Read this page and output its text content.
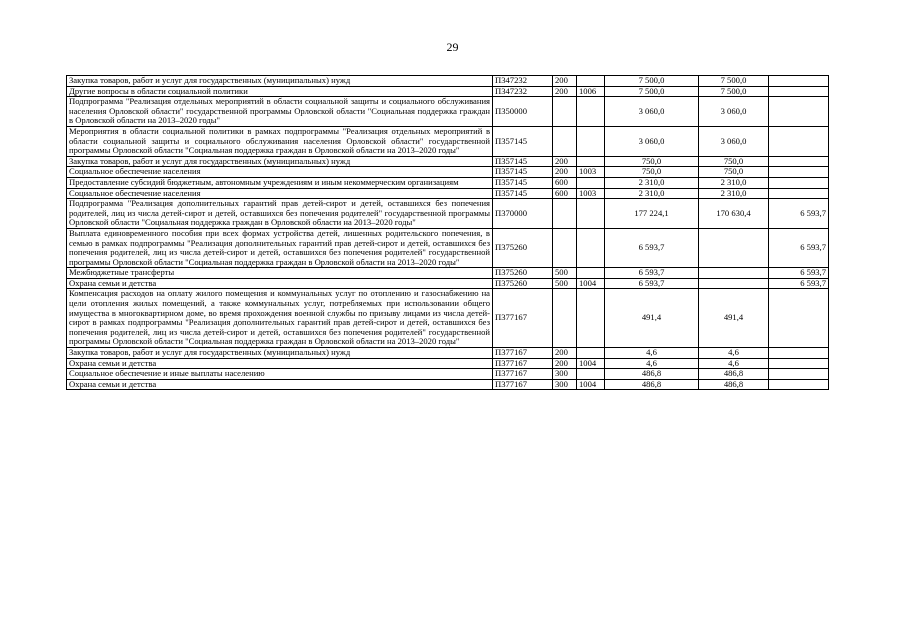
29
Закупка товаров, работ и услуг для государственных (муниципальных) нужд	П347232	200		7 500,0	7 500,0	
Другие вопросы в области социальной политики	П347232	200	1006	7 500,0	7 500,0	
Подпрограмма "Реализация отдельных мероприятий в области социальной защиты и социального обслуживания населения Орловской области" государственной программы Орловской области "Социальная поддержка граждан в Орловской области на 2013–2020 годы"	П350000			3 060,0	3 060,0	
Мероприятия в области социальной политики в рамках подпрограммы "Реализация отдельных мероприятий в области социальной защиты и социального обслуживания населения Орловской области" государственной программы Орловской области "Социальная поддержка граждан в Орловской области на 2013–2020 годы"	П357145			3 060,0	3 060,0	
Закупка товаров, работ и услуг для государственных (муниципальных) нужд	П357145	200		750,0	750,0	
Социальное обеспечение населения	П357145	200	1003	750,0	750,0	
Предоставление субсидий бюджетным, автономным учреждениям и иным некоммерческим организациям	П357145	600		2 310,0	2 310,0	
Социальное обеспечение населения	П357145	600	1003	2 310,0	2 310,0	
Подпрограмма "Реализация дополнительных гарантий прав детей-сирот и детей, оставшихся без попечения родителей, лиц из числа детей-сирот и детей, оставшихся без попечения родителей" государственной программы Орловской области "Социальная поддержка граждан в Орловской области на 2013–2020 годы"	П370000			177 224,1	170 630,4	6 593,7
Выплата единовременного пособия при всех формах устройства детей, лишенных родительского попечения, в семью в рамках подпрограммы "Реализация дополнительных гарантий прав детей-сирот и детей, оставшихся без попечения родителей, лиц из числа детей-сирот и детей, оставшихся без попечения родителей" государственной программы Орловской области "Социальная поддержка граждан в Орловской области на 2013–2020 годы"	П375260			6 593,7		6 593,7
Межбюджетные трансферты	П375260	500		6 593,7		6 593,7
Охрана семьи и детства	П375260	500	1004	6 593,7		6 593,7
Компенсация расходов на оплату жилого помещения и коммунальных услуг по отоплению и газоснабжению на цели отопления жилых помещений, а также коммунальных услуг, потребляемых при использовании общего имущества в многоквартирном доме, во время прохождения военной службы по призыву лицами из числа детей-сирот в рамках подпрограммы "Реализация дополнительных гарантий прав детей-сирот и детей, оставшихся без попечения родителей, лиц из числа детей-сирот и детей, оставшихся без попечения родителей" государственной программы Орловской области "Социальная поддержка граждан в Орловской области на 2013–2020 годы"	П377167			491,4	491,4	
Закупка товаров, работ и услуг для государственных (муниципальных) нужд	П377167	200		4,6	4,6	
Охрана семьи и детства	П377167	200	1004	4,6	4,6	
Социальное обеспечение и иные выплаты населению	П377167	300		486,8	486,8	
Охрана семьи и детства	П377167	300	1004	486,8	486,8	
